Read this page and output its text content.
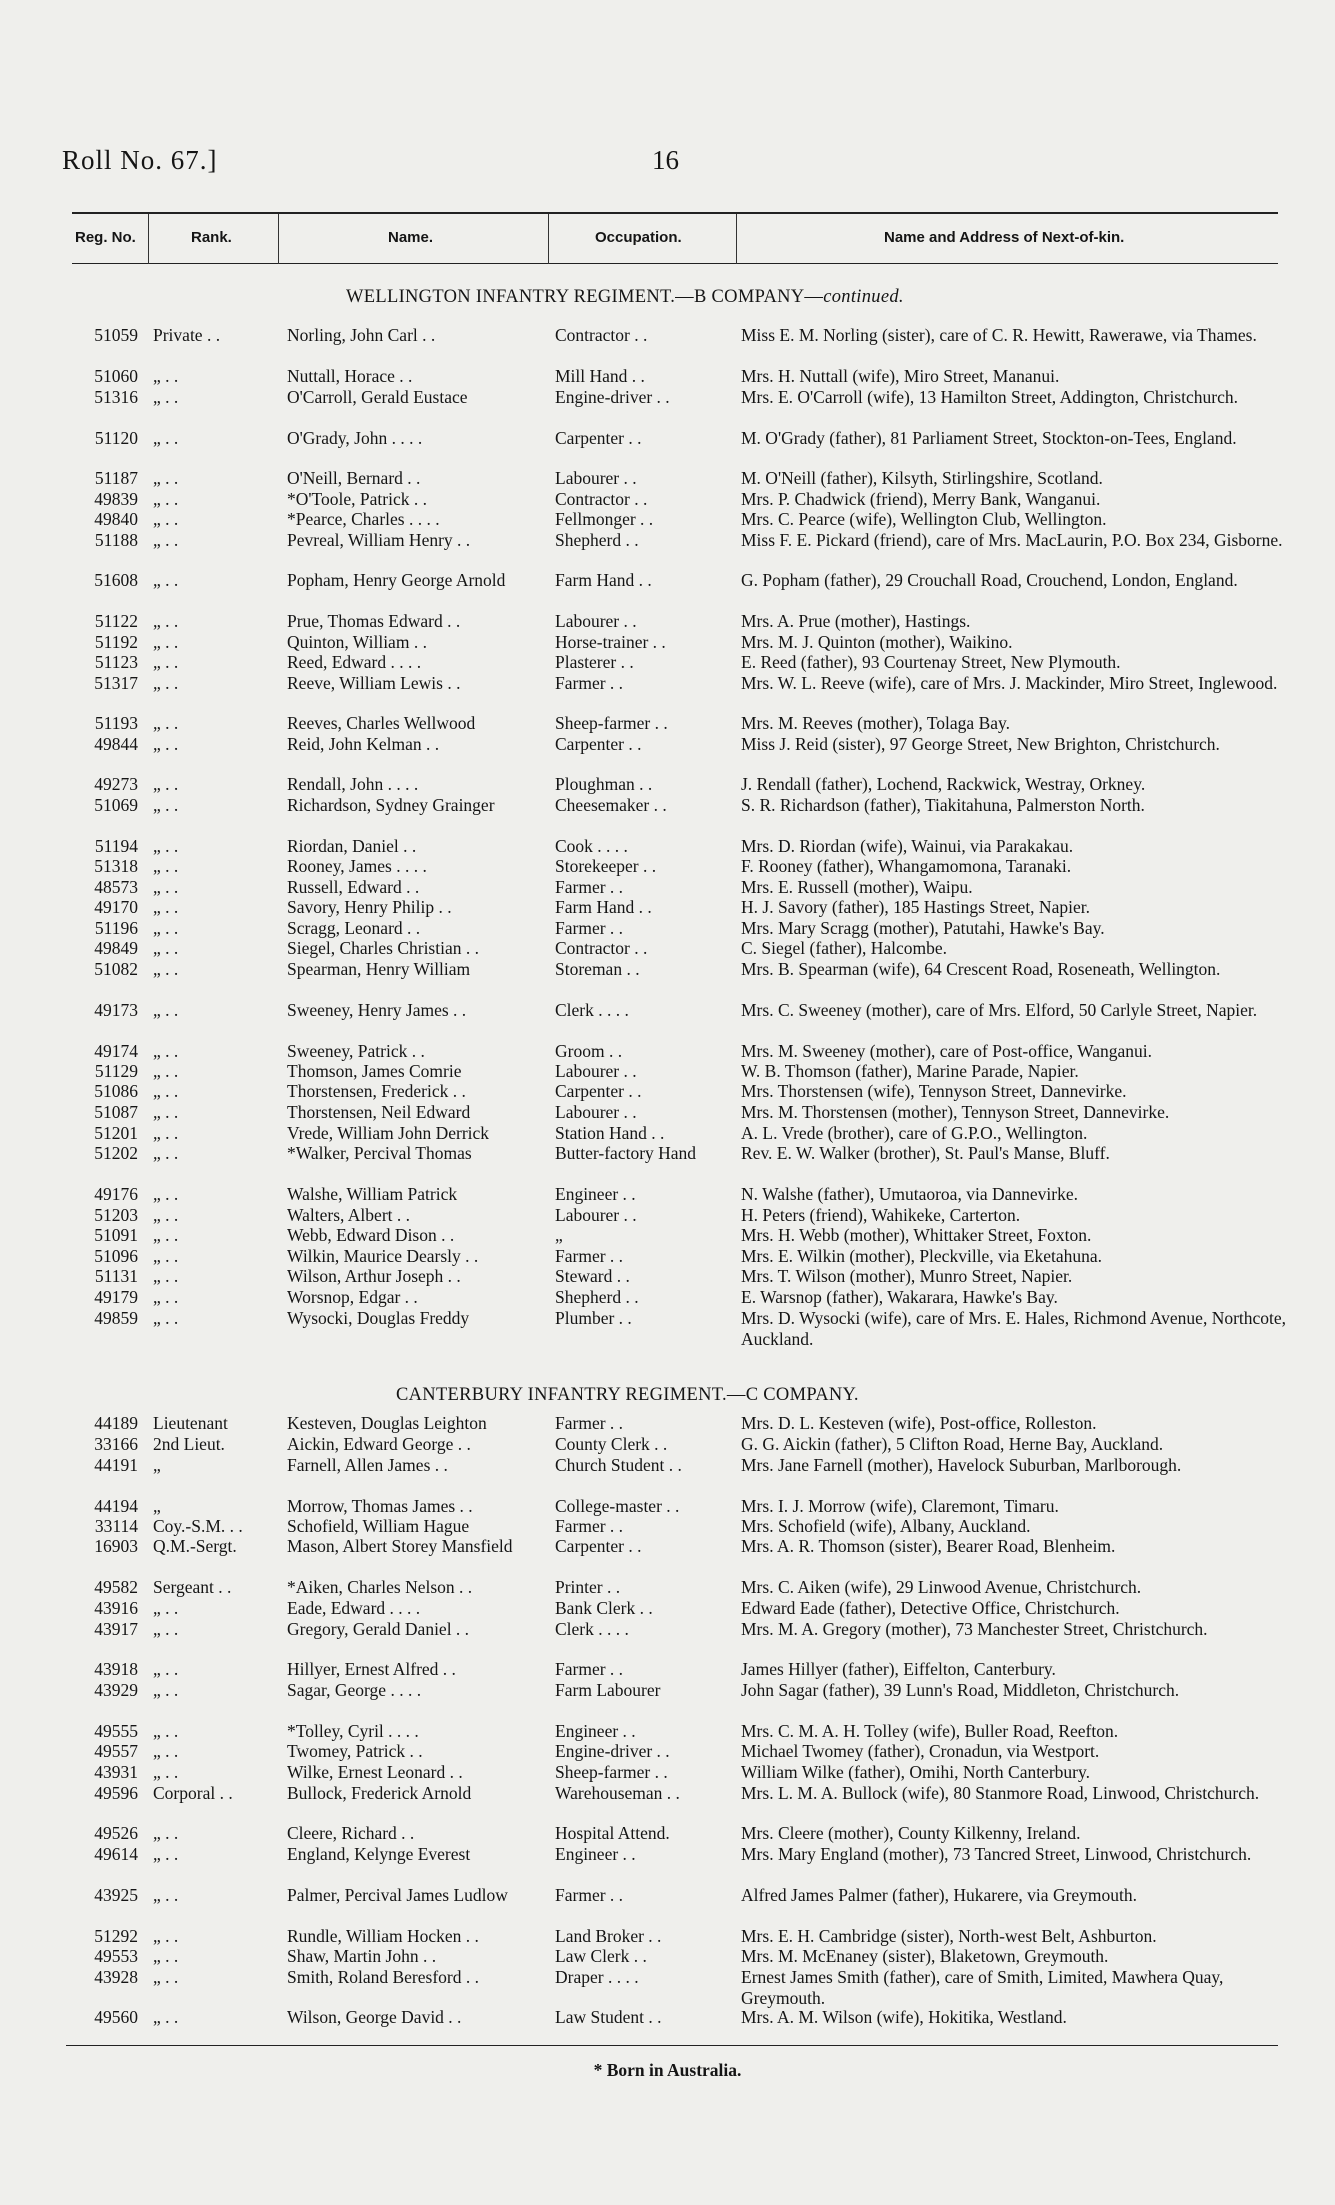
Roll No. 67.]	16
Reg. No.	Rank.	Name.	Occupation.	Name and Address of Next-of-kin.
WELLINGTON INFANTRY REGIMENT.—B COMPANY—continued.
CANTERBURY INFANTRY REGIMENT.—C COMPANY.
51059 Private . .	Norling, John Carl . .	Contractor . .	Miss E. M. Norling (sister), care of C. R. Hewitt, Rawerawe, via Thames.
51060 „ . .	Nuttall, Horace . .	Mill Hand . .	Mrs. H. Nuttall (wife), Miro Street, Mananui.
51316 „ . .	O'Carroll, Gerald Eustace	Engine-driver . .	Mrs. E. O'Carroll (wife), 13 Hamilton Street, Addington, Christchurch.
51120 „ . .	O'Grady, John . . . .	Carpenter . .	M. O'Grady (father), 81 Parliament Street, Stockton-on-Tees, England.
51187 „ . .	O'Neill, Bernard . .	Labourer . .	M. O'Neill (father), Kilsyth, Stirlingshire, Scotland.
49839 „ . .	*O'Toole, Patrick . .	Contractor . .	Mrs. P. Chadwick (friend), Merry Bank, Wanganui.
49840 „ . .	*Pearce, Charles . . . .	Fellmonger . .	Mrs. C. Pearce (wife), Wellington Club, Wellington.
51188 „ . .	Pevreal, William Henry . .	Shepherd . .	Miss F. E. Pickard (friend), care of Mrs. MacLaurin, P.O. Box 234, Gisborne.
51608 „ . .	Popham, Henry George Arnold	Farm Hand . .	G. Popham (father), 29 Crouchall Road, Crouchend, London, England.
51122 „ . .	Prue, Thomas Edward . .	Labourer . .	Mrs. A. Prue (mother), Hastings.
51192 „ . .	Quinton, William . .	Horse-trainer . .	Mrs. M. J. Quinton (mother), Waikino.
51123 „ . .	Reed, Edward . . . .	Plasterer . .	E. Reed (father), 93 Courtenay Street, New Plymouth.
51317 „ . .	Reeve, William Lewis . .	Farmer . .	Mrs. W. L. Reeve (wife), care of Mrs. J. Mackinder, Miro Street, Inglewood.
51193 „ . .	Reeves, Charles Wellwood	Sheep-farmer . .	Mrs. M. Reeves (mother), Tolaga Bay.
49844 „ . .	Reid, John Kelman . .	Carpenter . .	Miss J. Reid (sister), 97 George Street, New Brighton, Christchurch.
49273 „ . .	Rendall, John . . . .	Ploughman . .	J. Rendall (father), Lochend, Rackwick, Westray, Orkney.
51069 „ . .	Richardson, Sydney Grainger	Cheesemaker . .	S. R. Richardson (father), Tiakitahuna, Palmerston North.
51194 „ . .	Riordan, Daniel . .	Cook . . . .	Mrs. D. Riordan (wife), Wainui, via Parakakau.
51318 „ . .	Rooney, James . . . .	Storekeeper . .	F. Rooney (father), Whangamomona, Taranaki.
48573 „ . .	Russell, Edward . .	Farmer . .	Mrs. E. Russell (mother), Waipu.
49170 „ . .	Savory, Henry Philip . .	Farm Hand . .	H. J. Savory (father), 185 Hastings Street, Napier.
51196 „ . .	Scragg, Leonard . .	Farmer . .	Mrs. Mary Scragg (mother), Patutahi, Hawke's Bay.
49849 „ . .	Siegel, Charles Christian . .	Contractor . .	C. Siegel (father), Halcombe.
51082 „ . .	Spearman, Henry William	Storeman . .	Mrs. B. Spearman (wife), 64 Crescent Road, Roseneath, Wellington.
49173 „ . .	Sweeney, Henry James . .	Clerk . . . .	Mrs. C. Sweeney (mother), care of Mrs. Elford, 50 Carlyle Street, Napier.
49174 „ . .	Sweeney, Patrick . .	Groom . .	Mrs. M. Sweeney (mother), care of Post-office, Wanganui.
51129 „ . .	Thomson, James Comrie	Labourer . .	W. B. Thomson (father), Marine Parade, Napier.
51086 „ . .	Thorstensen, Frederick . .	Carpenter . .	Mrs. Thorstensen (wife), Tennyson Street, Dannevirke.
51087 „ . .	Thorstensen, Neil Edward	Labourer . .	Mrs. M. Thorstensen (mother), Tennyson Street, Dannevirke.
51201 „ . .	Vrede, William John Derrick	Station Hand . .	A. L. Vrede (brother), care of G.P.O., Wellington.
51202 „ . .	*Walker, Percival Thomas	Butter-factory Hand	Rev. E. W. Walker (brother), St. Paul's Manse, Bluff.
49176 „ . .	Walshe, William Patrick	Engineer . .	N. Walshe (father), Umutaoroa, via Dannevirke.
51203 „ . .	Walters, Albert . .	Labourer . .	H. Peters (friend), Wahikeke, Carterton.
51091 „ . .	Webb, Edward Dison . .	„	Mrs. H. Webb (mother), Whittaker Street, Foxton.
51096 „ . .	Wilkin, Maurice Dearsly . .	Farmer . .	Mrs. E. Wilkin (mother), Pleckville, via Eketahuna.
51131 „ . .	Wilson, Arthur Joseph . .	Steward . .	Mrs. T. Wilson (mother), Munro Street, Napier.
49179 „ . .	Worsnop, Edgar . .	Shepherd . .	E. Warsnop (father), Wakarara, Hawke's Bay.
49859 „ . .	Wysocki, Douglas Freddy	Plumber . .	Mrs. D. Wysocki (wife), care of Mrs. E. Hales, Richmond Avenue, Northcote, Auckland.
44189 Lieutenant	Kesteven, Douglas Leighton	Farmer . .	Mrs. D. L. Kesteven (wife), Post-office, Rolleston.
33166 2nd Lieut.	Aickin, Edward George . .	County Clerk . .	G. G. Aickin (father), 5 Clifton Road, Herne Bay, Auckland.
44191 „	Farnell, Allen James . .	Church Student . .	Mrs. Jane Farnell (mother), Havelock Suburban, Marlborough.
44194 „	Morrow, Thomas James . .	College-master . .	Mrs. I. J. Morrow (wife), Claremont, Timaru.
33114 Coy.-S.M. . .	Schofield, William Hague	Farmer . .	Mrs. Schofield (wife), Albany, Auckland.
16903 Q.M.-Sergt.	Mason, Albert Storey Mansfield	Carpenter . .	Mrs. A. R. Thomson (sister), Bearer Road, Blenheim.
49582 Sergeant . .	*Aiken, Charles Nelson . .	Printer . .	Mrs. C. Aiken (wife), 29 Linwood Avenue, Christchurch.
43916 „ . .	Eade, Edward . . . .	Bank Clerk . .	Edward Eade (father), Detective Office, Christchurch.
43917 „ . .	Gregory, Gerald Daniel . .	Clerk . . . .	Mrs. M. A. Gregory (mother), 73 Manchester Street, Christchurch.
43918 „ . .	Hillyer, Ernest Alfred . .	Farmer . .	James Hillyer (father), Eiffelton, Canterbury.
43929 „ . .	Sagar, George . . . .	Farm Labourer	John Sagar (father), 39 Lunn's Road, Middleton, Christchurch.
49555 „ . .	*Tolley, Cyril . . . .	Engineer . .	Mrs. C. M. A. H. Tolley (wife), Buller Road, Reefton.
49557 „ . .	Twomey, Patrick . .	Engine-driver . .	Michael Twomey (father), Cronadun, via Westport.
43931 „ . .	Wilke, Ernest Leonard . .	Sheep-farmer . .	William Wilke (father), Omihi, North Canterbury.
49596 Corporal . .	Bullock, Frederick Arnold	Warehouseman . .	Mrs. L. M. A. Bullock (wife), 80 Stanmore Road, Linwood, Christchurch.
49526 „ . .	Cleere, Richard . .	Hospital Attend.	Mrs. Cleere (mother), County Kilkenny, Ireland.
49614 „ . .	England, Kelynge Everest	Engineer . .	Mrs. Mary England (mother), 73 Tancred Street, Linwood, Christchurch.
43925 „ . .	Palmer, Percival James Ludlow	Farmer . .	Alfred James Palmer (father), Hukarere, via Greymouth.
51292 „ . .	Rundle, William Hocken . .	Land Broker . .	Mrs. E. H. Cambridge (sister), North-west Belt, Ashburton.
49553 „ . .	Shaw, Martin John . .	Law Clerk . .	Mrs. M. McEnaney (sister), Blaketown, Greymouth.
43928 „ . .	Smith, Roland Beresford . .	Draper . . . .	Ernest James Smith (father), care of Smith, Limited, Mawhera Quay, Greymouth.
49560 „ . .	Wilson, George David . .	Law Student . .	Mrs. A. M. Wilson (wife), Hokitika, Westland.
* Born in Australia.
